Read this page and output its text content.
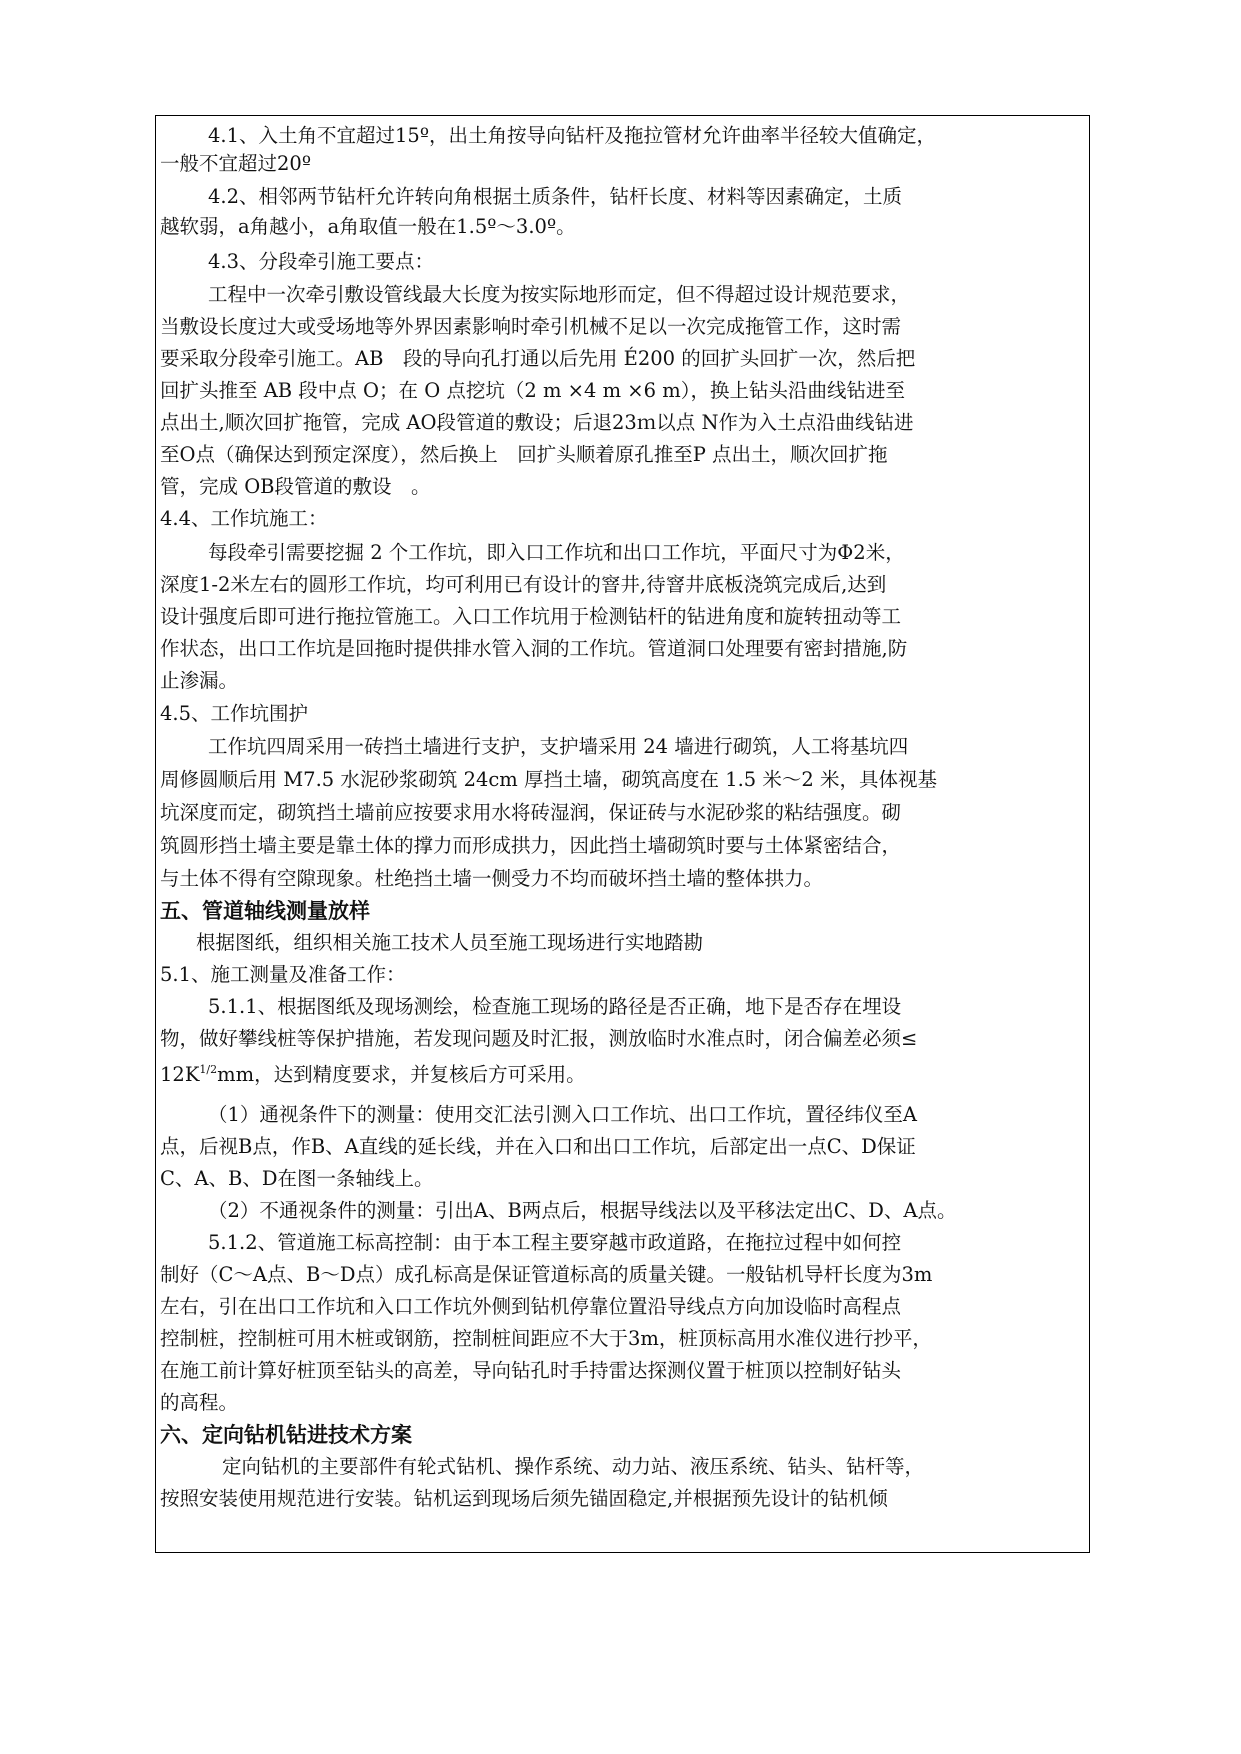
4.1、入土角不宜超过15º，出土角按导向钻杆及拖拉管材允许曲率半径较大值确定，
一般不宜超过20º
4.2、相邻两节钻杆允许转向角根据土质条件，钻杆长度、材料等因素确定，土质
越软弱，a角越小，a角取值一般在1.5º～3.0º。
4.3、分段牵引施工要点：
工程中一次牵引敷设管线最大长度为按实际地形而定，但不得超过设计规范要求，
当敷设长度过大或受场地等外界因素影响时牵引机械不足以一次完成拖管工作，这时需
要采取分段牵引施工。AB　段的导向孔打通以后先用 É200 的回扩头回扩一次，然后把
回扩头推至 AB 段中点 O；在 O 点挖坑（2 m ×4 m ×6 m），换上钻头沿曲线钻进至
点出土,顺次回扩拖管，完成 AO段管道的敷设；后退23ｍ以点 N作为入土点沿曲线钻进
至O点（确保达到预定深度），然后换上　回扩头顺着原孔推至P 点出土，顺次回扩拖
管，完成 OB段管道的敷设　。
4.4、工作坑施工：
每段牵引需要挖掘 2 个工作坑，即入口工作坑和出口工作坑，平面尺寸为Φ2米，
深度1-2米左右的圆形工作坑，均可利用已有设计的窨井,待窨井底板浇筑完成后,达到
设计强度后即可进行拖拉管施工。入口工作坑用于检测钻杆的钻进角度和旋转扭动等工
作状态，出口工作坑是回拖时提供排水管入洞的工作坑。管道洞口处理要有密封措施,防
止渗漏。
4.5、工作坑围护
工作坑四周采用一砖挡土墙进行支护，支护墙采用 24 墙进行砌筑，人工将基坑四
周修圆顺后用 M7.5 水泥砂浆砌筑 24cm 厚挡土墙，砌筑高度在 1.5 米～2 米，具体视基
坑深度而定，砌筑挡土墙前应按要求用水将砖湿润，保证砖与水泥砂浆的粘结强度。砌
筑圆形挡土墙主要是靠土体的撑力而形成拱力，因此挡土墙砌筑时要与土体紧密结合，
与土体不得有空隙现象。杜绝挡土墙一侧受力不均而破坏挡土墙的整体拱力。
五、管道轴线测量放样
根据图纸，组织相关施工技术人员至施工现场进行实地踏勘
5.1、施工测量及准备工作：
5.1.1、根据图纸及现场测绘，检查施工现场的路径是否正确，地下是否存在埋设
物，做好攀线桩等保护措施，若发现问题及时汇报，测放临时水准点时，闭合偏差必须≤
$12K^{1/2}mm$，达到精度要求，并复核后方可采用。
（1）通视条件下的测量：使用交汇法引测入口工作坑、出口工作坑，置径纬仪至A
点，后视B点，作B、A直线的延长线，并在入口和出口工作坑，后部定出一点C、D保证
C、A、B、D在图一条轴线上。
（2）不通视条件的测量：引出A、B两点后，根据导线法以及平移法定出C、D、A点。
5.1.2、管道施工标高控制：由于本工程主要穿越市政道路，在拖拉过程中如何控
制好（C～A点、B～D点）成孔标高是保证管道标高的质量关键。一般钻机导杆长度为3m
左右，引在出口工作坑和入口工作坑外侧到钻机停靠位置沿导线点方向加设临时高程点
控制桩，控制桩可用木桩或钢筋，控制桩间距应不大于3m，桩顶标高用水准仪进行抄平，
在施工前计算好桩顶至钻头的高差，导向钻孔时手持雷达探测仪置于桩顶以控制好钻头
的高程。
六、定向钻机钻进技术方案
定向钻机的主要部件有轮式钻机、操作系统、动力站、液压系统、钻头、钻杆等，
按照安装使用规范进行安装。钻机运到现场后须先锚固稳定,并根据预先设计的钻机倾
